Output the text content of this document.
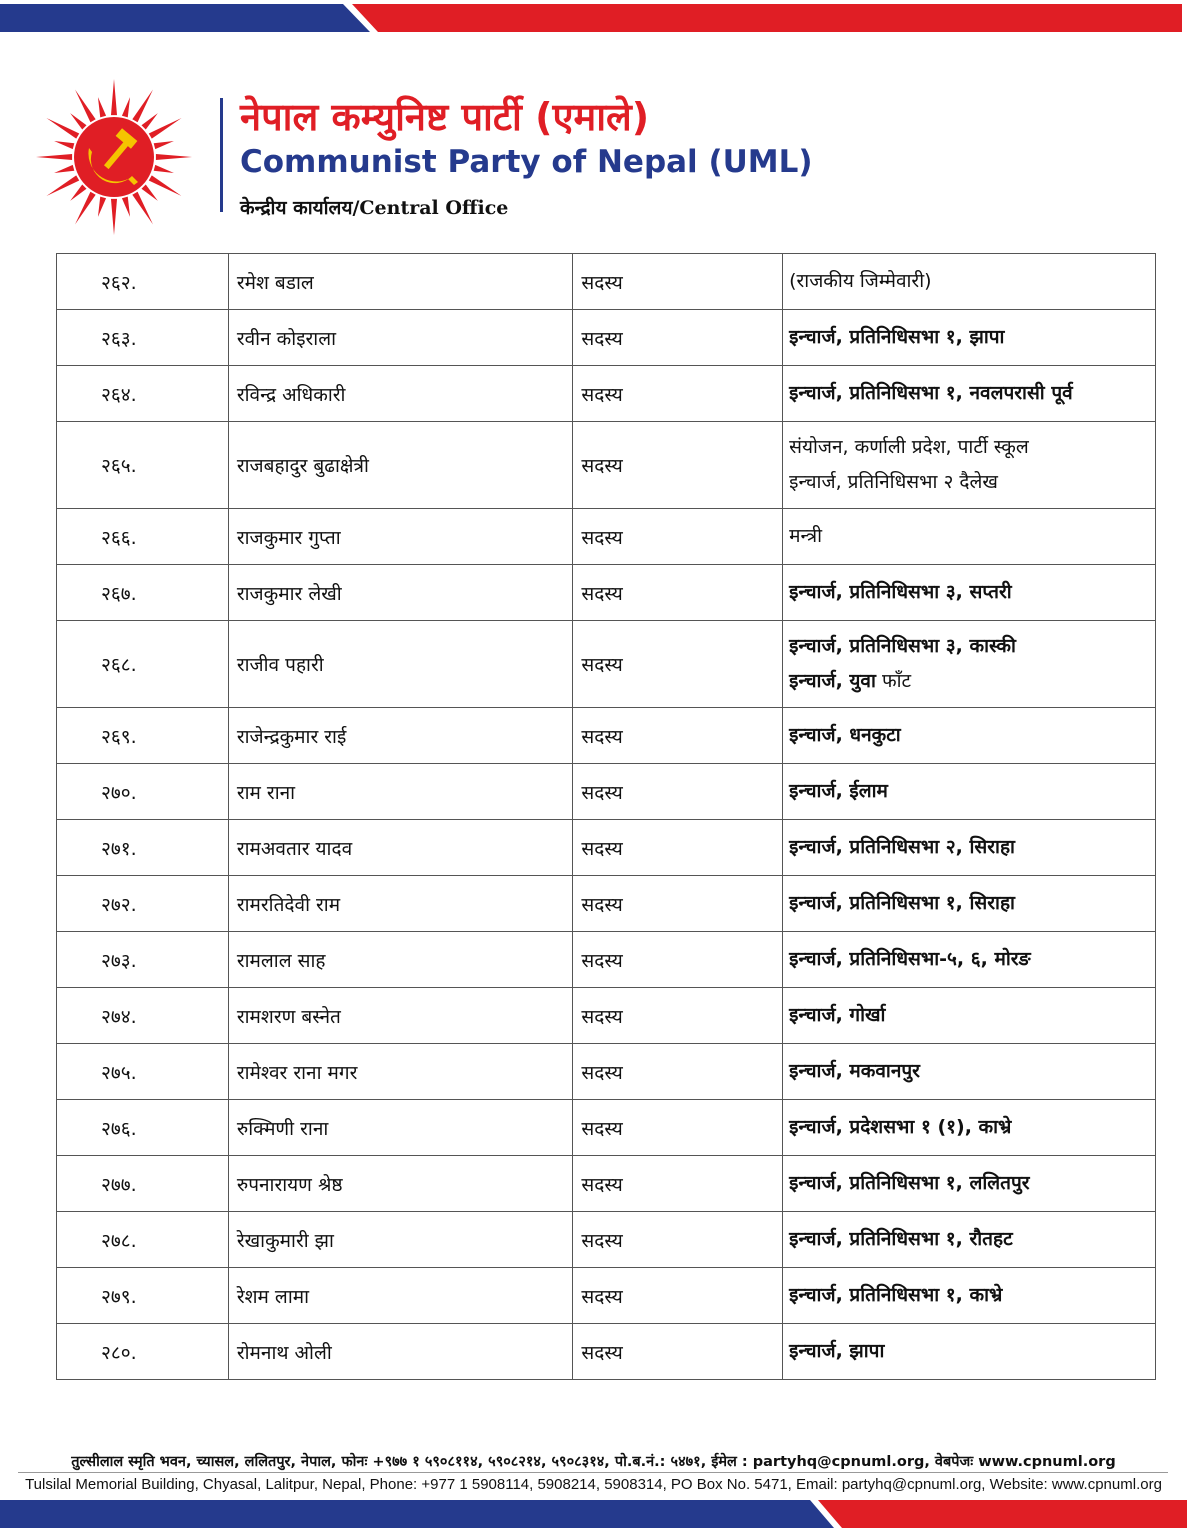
नेपाल कम्युनिष्ट पार्टी (एमाले)
Communist Party of Nepal (UML)
केन्द्रीय कार्यालय/Central Office
२६२.	रमेश बडाल	सदस्य	(राजकीय जिम्मेवारी)

२६३.	रवीन कोइराला	सदस्य	इन्चार्ज, प्रतिनिधिसभा १, झापा

२६४.	रविन्द्र अधिकारी	सदस्य	इन्चार्ज, प्रतिनिधिसभा १, नवलपरासी पूर्व

२६५.	राजबहादुर बुढाक्षेत्री	सदस्य	संयोजन, कर्णाली प्रदेश, पार्टी स्कूल
इन्चार्ज, प्रतिनिधिसभा २ दैलेख

२६६.	राजकुमार गुप्ता	सदस्य	मन्त्री

२६७.	राजकुमार लेखी	सदस्य	इन्चार्ज, प्रतिनिधिसभा ३, सप्तरी

२६८.	राजीव पहारी	सदस्य	इन्चार्ज, प्रतिनिधिसभा ३, कास्की
इन्चार्ज, युवा फाँट

२६९.	राजेन्द्रकुमार राई	सदस्य	इन्चार्ज, धनकुटा

२७०.	राम राना	सदस्य	इन्चार्ज, ईलाम

२७१.	रामअवतार यादव	सदस्य	इन्चार्ज, प्रतिनिधिसभा २, सिराहा

२७२.	रामरतिदेवी राम	सदस्य	इन्चार्ज, प्रतिनिधिसभा १, सिराहा

२७३.	रामलाल साह	सदस्य	इन्चार्ज, प्रतिनिधिसभा-५, ६, मोरङ

२७४.	रामशरण बस्नेत	सदस्य	इन्चार्ज, गोर्खा

२७५.	रामेश्वर राना मगर	सदस्य	इन्चार्ज, मकवानपुर

२७६.	रुक्मिणी राना	सदस्य	इन्चार्ज, प्रदेशसभा १ (१), काभ्रे

२७७.	रुपनारायण श्रेष्ठ	सदस्य	इन्चार्ज, प्रतिनिधिसभा १, ललितपुर

२७८.	रेखाकुमारी झा	सदस्य	इन्चार्ज, प्रतिनिधिसभा १, रौतहट

२७९.	रेशम लामा	सदस्य	इन्चार्ज, प्रतिनिधिसभा १, काभ्रे

२८०.	रोमनाथ ओली	सदस्य	इन्चार्ज, झापा
तुल्सीलाल स्मृति भवन, च्यासल, ललितपुर, नेपाल, फोनः +९७७ १ ५९०८११४, ५९०८२१४, ५९०८३१४, पो.ब.नं.: ५४७१, ईमेल : partyhq@cpnuml.org, वेबपेजः www.cpnuml.org
Tulsilal Memorial Building, Chyasal, Lalitpur, Nepal, Phone: +977 1 5908114, 5908214, 5908314, PO Box No. 5471, Email: partyhq@cpnuml.org, Website: www.cpnuml.org
